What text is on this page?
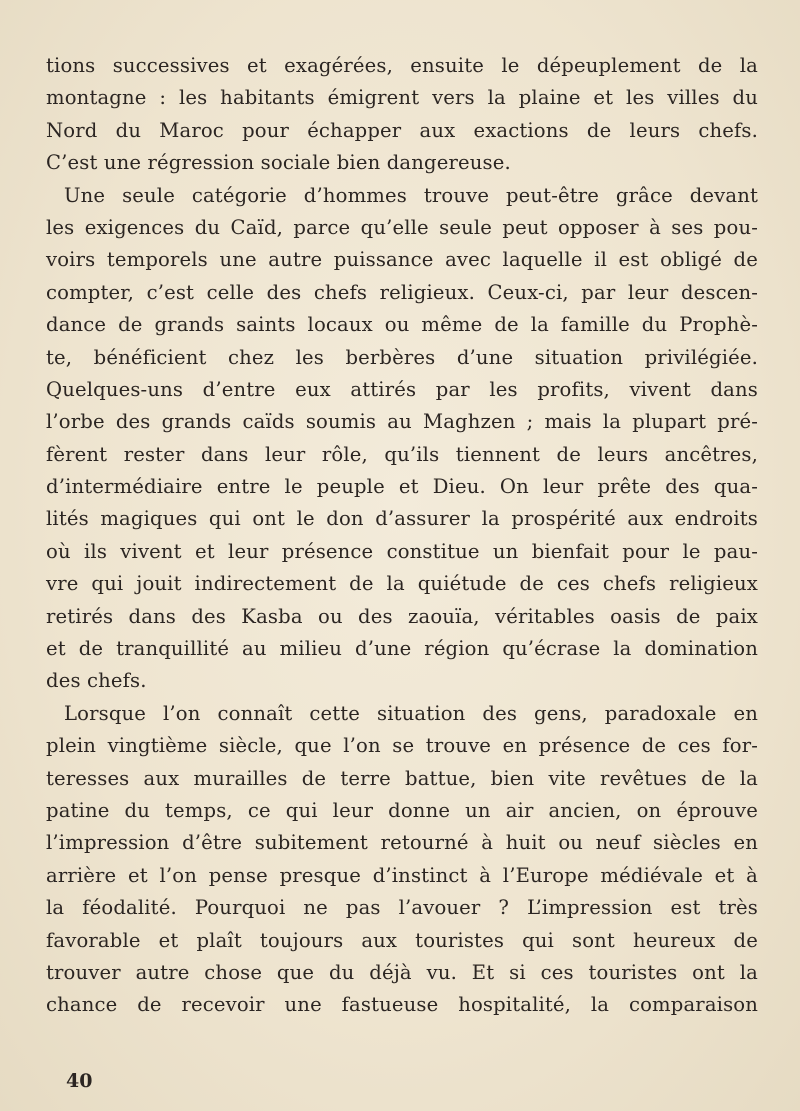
tions successives et exagérées, ensuite le dépeuplement de la
montagne : les habitants émigrent vers la plaine et les villes du
Nord du Maroc pour échapper aux exactions de leurs chefs.
C’est une régression sociale bien dangereuse.
Une seule catégorie d’hommes trouve peut-être grâce devant
les exigences du Caïd, parce qu’elle seule peut opposer à ses pou-
voirs temporels une autre puissance avec laquelle il est obligé de
compter, c’est celle des chefs religieux. Ceux-ci, par leur descen-
dance de grands saints locaux ou même de la famille du Prophè-
te, bénéficient chez les berbères d’une situation privilégiée.
Quelques-uns d’entre eux attirés par les profits, vivent dans
l’orbe des grands caïds soumis au Maghzen ; mais la plupart pré-
fèrent rester dans leur rôle, qu’ils tiennent de leurs ancêtres,
d’intermédiaire entre le peuple et Dieu. On leur prête des qua-
lités magiques qui ont le don d’assurer la prospérité aux endroits
où ils vivent et leur présence constitue un bienfait pour le pau-
vre qui jouit indirectement de la quiétude de ces chefs religieux
retirés dans des Kasba ou des zaouïa, véritables oasis de paix
et de tranquillité au milieu d’une région qu’écrase la domination
des chefs.
Lorsque l’on connaît cette situation des gens, paradoxale en
plein vingtième siècle, que l’on se trouve en présence de ces for-
teresses aux murailles de terre battue, bien vite revêtues de la
patine du temps, ce qui leur donne un air ancien, on éprouve
l’impression d’être subitement retourné à huit ou neuf siècles en
arrière et l’on pense presque d’instinct à l’Europe médiévale et à
la féodalité. Pourquoi ne pas l’avouer ? L’impression est très
favorable et plaît toujours aux touristes qui sont heureux de
trouver autre chose que du déjà vu. Et si ces touristes ont la
chance de recevoir une fastueuse hospitalité, la comparaison
40
